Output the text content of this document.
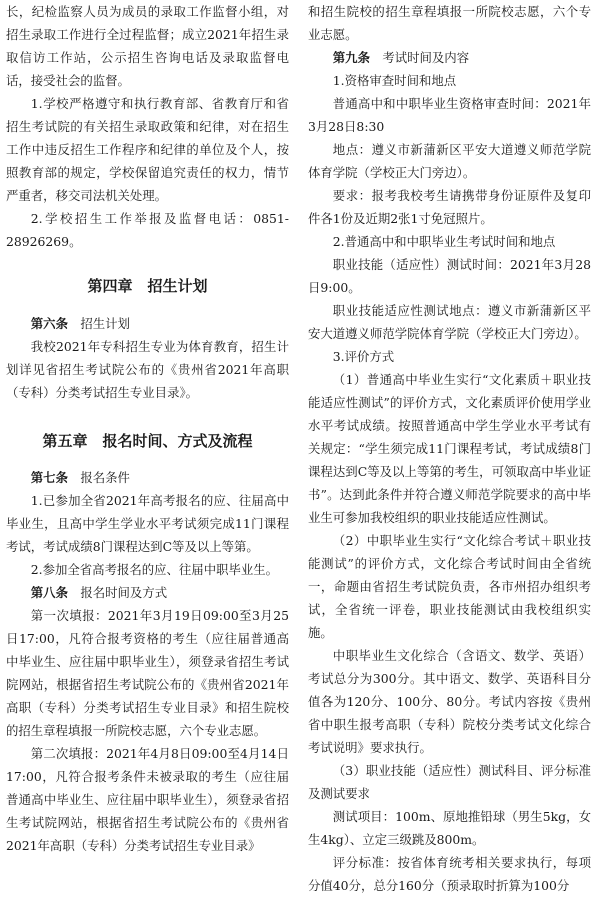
长，纪检监察人员为成员的录取工作监督小组，对招生录取工作进行全过程监督；成立2021年招生录取信访工作站，公示招生咨询电话及录取监督电话，接受社会的监督。

1.学校严格遵守和执行教育部、省教育厅和省招生考试院的有关招生录取政策和纪律，对在招生工作中违反招生工作程序和纪律的单位及个人，按照教育部的规定，学校保留追究责任的权力，情节严重者，移交司法机关处理。

2.学校招生工作举报及监督电话：0851-28926269。

第四章　招生计划

第六条　招生计划

我校2021年专科招生专业为体育教育，招生计划详见省招生考试院公布的《贵州省2021年高职（专科）分类考试招生专业目录》。

第五章　报名时间、方式及流程

第七条　报名条件

1.已参加全省2021年高考报名的应、往届高中毕业生，且高中学生学业水平考试须完成11门课程考试，考试成绩8门课程达到C等及以上等第。

2.参加全省高考报名的应、往届中职毕业生。

第八条　报名时间及方式

第一次填报：2021年3月19日09:00至3月25日17:00，凡符合报考资格的考生（应往届普通高中毕业生、应往届中职毕业生），须登录省招生考试院网站，根据省招生考试院公布的《贵州省2021年高职（专科）分类考试招生专业目录》和招生院校的招生章程填报一所院校志愿，六个专业志愿。

第二次填报：2021年4月8日09:00至4月14日17:00，凡符合报考条件未被录取的考生（应往届普通高中毕业生、应往届中职毕业生），须登录省招生考试院网站，根据省招生考试院公布的《贵州省2021年高职（专科）分类考试招生专业目录》

和招生院校的招生章程填报一所院校志愿，六个专业志愿。

第九条　考试时间及内容

1.资格审查时间和地点

普通高中和中职毕业生资格审查时间：2021年3月28日8:30

地点：遵义市新蒲新区平安大道遵义师范学院体育学院（学校正大门旁边）。

要求：报考我校考生请携带身份证原件及复印件各1份及近期2张1寸免冠照片。

2.普通高中和中职毕业生考试时间和地点

职业技能（适应性）测试时间：2021年3月28日9:00。

职业技能适应性测试地点：遵义市新蒲新区平安大道遵义师范学院体育学院（学校正大门旁边）。

3.评价方式

（1）普通高中毕业生实行“文化素质＋职业技能适应性测试”的评价方式，文化素质评价使用学业水平考试成绩。按照普通高中学生学业水平考试有关规定：“学生须完成11门课程考试，考试成绩8门课程达到C等及以上等第的考生，可领取高中毕业证书”。达到此条件并符合遵义师范学院要求的高中毕业生可参加我校组织的职业技能适应性测试。

（2）中职毕业生实行“文化综合考试＋职业技能测试”的评价方式，文化综合考试时间由全省统一，命题由省招生考试院负责，各市州招办组织考试，全省统一评卷，职业技能测试由我校组织实施。

中职毕业生文化综合（含语文、数学、英语）考试总分为300分。其中语文、数学、英语科目分值各为120分、100分、80分。考试内容按《贵州省中职生报考高职（专科）院校分类考试文化综合考试说明》要求执行。

（3）职业技能（适应性）测试科目、评分标准及测试要求

测试项目：100m、原地推铅球（男生5kg，女生4kg）、立定三级跳及800m。

评分标准：按省体育统考相关要求执行，每项分值40分，总分160分（预录取时折算为100分
